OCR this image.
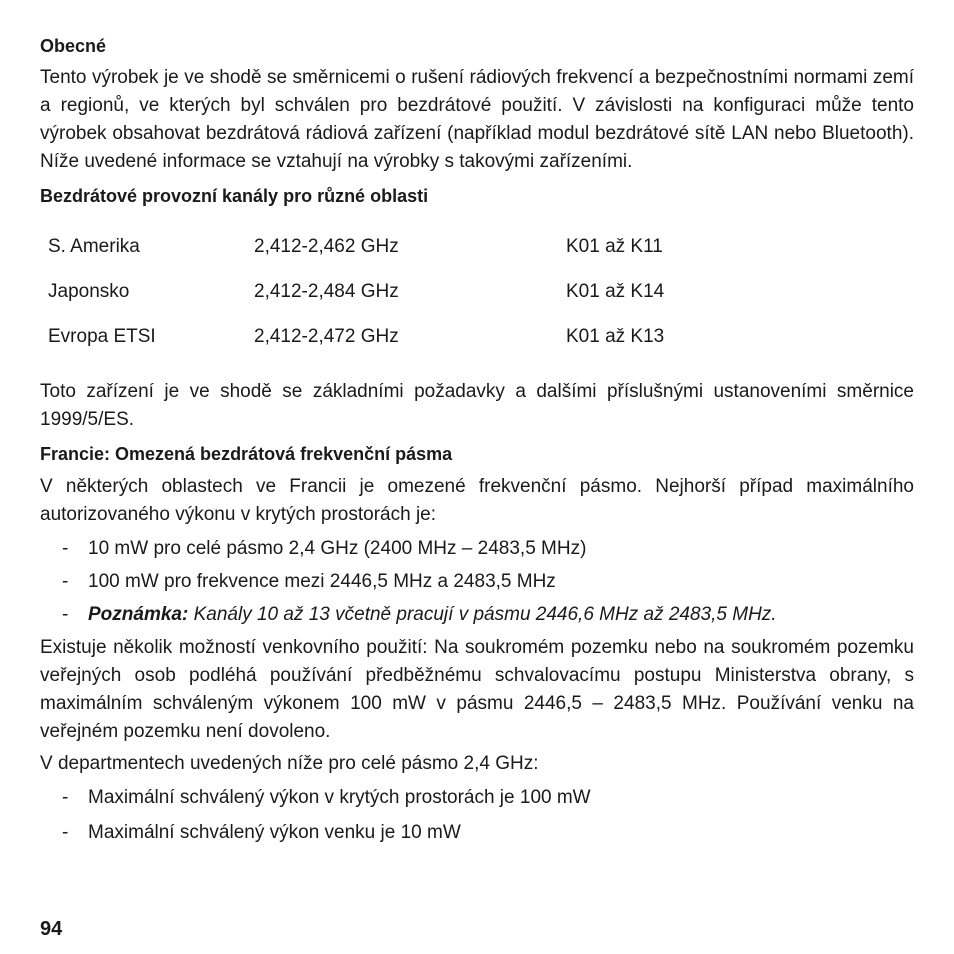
Obecné

Tento výrobek je ve shodě se směrnicemi o rušení rádiových frekvencí a bezpečnostními normami zemí a regionů, ve kterých byl schválen pro bezdrátové použití. V závislosti na konfiguraci může tento výrobek obsahovat bezdrátová rádiová zařízení (například modul bezdrátové sítě LAN nebo Bluetooth). Níže uvedené informace se vztahují na výrobky s takovými zařízeními.

Bezdrátové provozní kanály pro různé oblasti
S. Amerika	2,412-2,462 GHz	K01 až K11
Japonsko	2,412-2,484 GHz	K01 až K14
Evropa ETSI	2,412-2,472 GHz	K01 až K13

Toto zařízení je ve shodě se základními požadavky a dalšími příslušnými ustanoveními směrnice 1999/5/ES.

Francie: Omezená bezdrátová frekvenční pásma

V některých oblastech ve Francii je omezené frekvenční pásmo. Nejhorší případ maximálního autorizovaného výkonu v krytých prostorách je:

- 10 mW pro celé pásmo 2,4 GHz (2400 MHz – 2483,5 MHz)
- 100 mW pro frekvence mezi 2446,5 MHz a 2483,5 MHz
- Poznámka: Kanály 10 až 13 včetně pracují v pásmu 2446,6 MHz až 2483,5 MHz.

Existuje několik možností venkovního použití: Na soukromém pozemku nebo na soukromém pozemku veřejných osob podléhá používání předběžnému schvalovacímu postupu Ministerstva obrany, s maximálním schváleným výkonem 100 mW v pásmu 2446,5 – 2483,5 MHz. Používání venku na veřejném pozemku není dovoleno.

V departmentech uvedených níže pro celé pásmo 2,4 GHz:

- Maximální schválený výkon v krytých prostorách je 100 mW
- Maximální schválený výkon venku je 10 mW
94
